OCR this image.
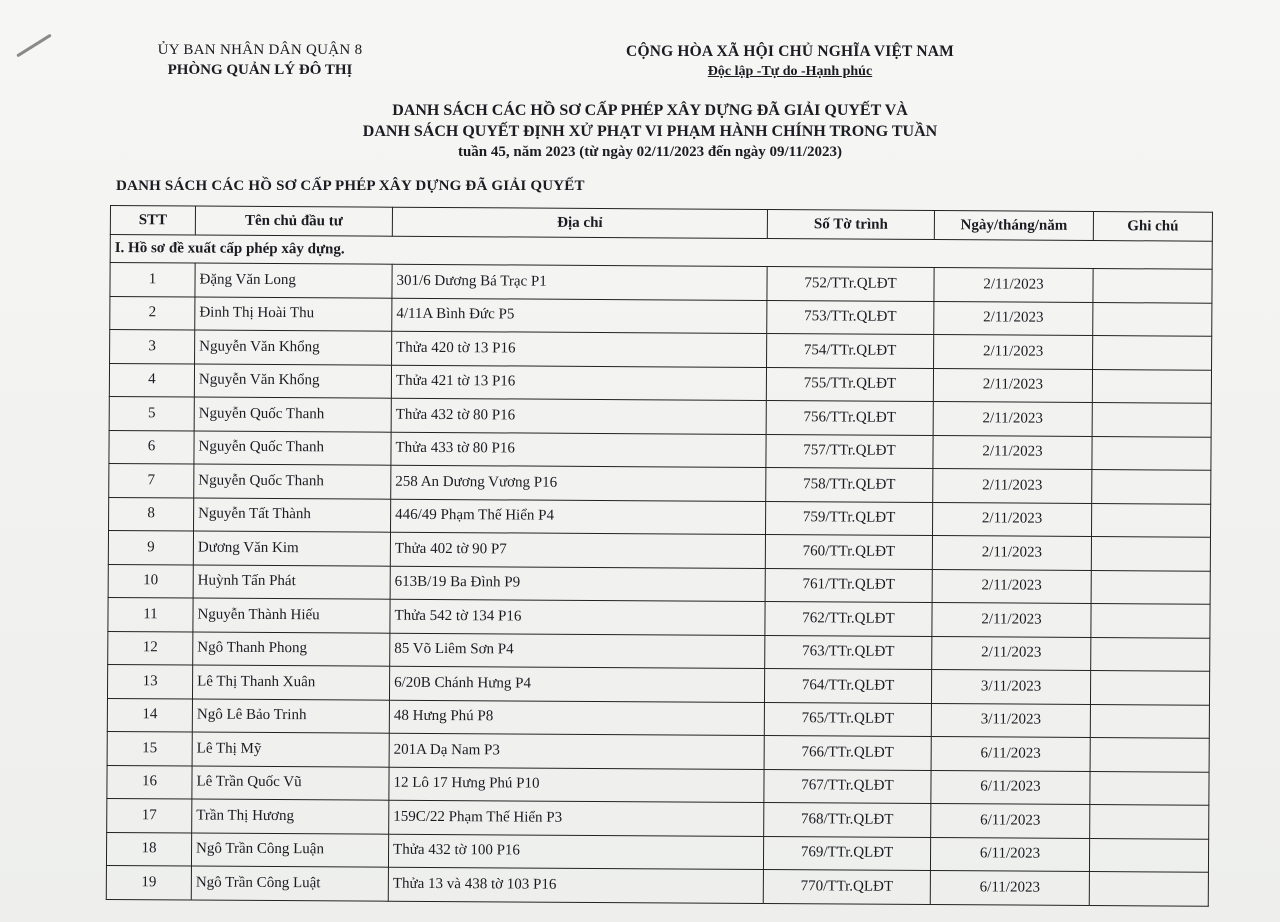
ỦY BAN NHÂN DÂN QUẬN 8
PHÒNG QUẢN LÝ ĐÔ THỊ
CỘNG HÒA XÃ HỘI CHỦ NGHĨA VIỆT NAM
Độc lập -Tự do -Hạnh phúc
DANH SÁCH CÁC HỒ SƠ CẤP PHÉP XÂY DỰNG ĐÃ GIẢI QUYẾT VÀ
DANH SÁCH QUYẾT ĐỊNH XỬ PHẠT VI PHẠM HÀNH CHÍNH TRONG TUẦN
tuần 45, năm 2023 (từ ngày 02/11/2023 đến ngày 09/11/2023)
DANH SÁCH CÁC HỒ SƠ CẤP PHÉP XÂY DỰNG ĐÃ GIẢI QUYẾT
STT	Tên chủ đầu tư	Địa chỉ	Số Tờ trình	Ngày/tháng/năm	Ghi chú
I. Hồ sơ đề xuất cấp phép xây dựng.					
1	Đặng Văn Long	301/6 Dương Bá Trạc P1	752/TTr.QLĐT	2/11/2023	
2	Đinh Thị Hoài Thu	4/11A Bình Đức P5	753/TTr.QLĐT	2/11/2023	
3	Nguyễn Văn Khổng	Thửa 420 tờ 13 P16	754/TTr.QLĐT	2/11/2023	
4	Nguyễn Văn Khổng	Thửa 421 tờ 13 P16	755/TTr.QLĐT	2/11/2023	
5	Nguyễn Quốc Thanh	Thửa 432 tờ 80 P16	756/TTr.QLĐT	2/11/2023	
6	Nguyễn Quốc Thanh	Thửa 433 tờ 80 P16	757/TTr.QLĐT	2/11/2023	
7	Nguyễn Quốc Thanh	258 An Dương Vương P16	758/TTr.QLĐT	2/11/2023	
8	Nguyễn Tất Thành	446/49 Phạm Thế Hiển P4	759/TTr.QLĐT	2/11/2023	
9	Dương Văn Kim	Thửa 402 tờ 90 P7	760/TTr.QLĐT	2/11/2023	
10	Huỳnh Tấn Phát	613B/19 Ba Đình P9	761/TTr.QLĐT	2/11/2023	
11	Nguyễn Thành Hiếu	Thửa 542 tờ 134 P16	762/TTr.QLĐT	2/11/2023	
12	Ngô Thanh Phong	85 Võ Liêm Sơn P4	763/TTr.QLĐT	2/11/2023	
13	Lê Thị Thanh Xuân	6/20B Chánh Hưng P4	764/TTr.QLĐT	3/11/2023	
14	Ngô Lê Bảo Trinh	48 Hưng Phú P8	765/TTr.QLĐT	3/11/2023	
15	Lê Thị Mỹ	201A Dạ Nam P3	766/TTr.QLĐT	6/11/2023	
16	Lê Trần Quốc Vũ	12 Lô 17 Hưng Phú P10	767/TTr.QLĐT	6/11/2023	
17	Trần Thị Hương	159C/22 Phạm Thế Hiển P3	768/TTr.QLĐT	6/11/2023	
18	Ngô Trần Công Luận	Thửa 432 tờ 100 P16	769/TTr.QLĐT	6/11/2023	
19	Ngô Trần Công Luật	Thửa 13 và 438 tờ 103 P16	770/TTr.QLĐT	6/11/2023	
